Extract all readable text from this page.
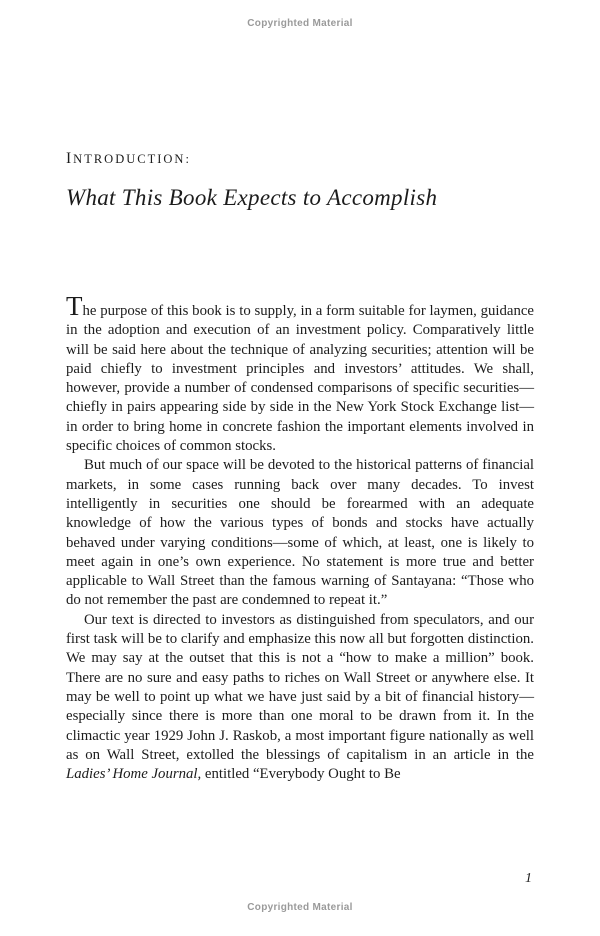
Copyrighted Material
INTRODUCTION:
What This Book Expects to Accomplish

The purpose of this book is to supply, in a form suitable for laymen, guidance in the adoption and execution of an investment policy. Comparatively little will be said here about the technique of analyzing securities; attention will be paid chiefly to investment principles and investors’ attitudes. We shall, however, provide a number of condensed comparisons of specific securities—chiefly in pairs appearing side by side in the New York Stock Exchange list—in order to bring home in concrete fashion the important elements involved in specific choices of common stocks.

But much of our space will be devoted to the historical patterns of financial markets, in some cases running back over many decades. To invest intelligently in securities one should be forearmed with an adequate knowledge of how the various types of bonds and stocks have actually behaved under varying conditions—some of which, at least, one is likely to meet again in one’s own experience. No statement is more true and better applicable to Wall Street than the famous warning of Santayana: “Those who do not remember the past are condemned to repeat it.”

Our text is directed to investors as distinguished from speculators, and our first task will be to clarify and emphasize this now all but forgotten distinction. We may say at the outset that this is not a “how to make a million” book. There are no sure and easy paths to riches on Wall Street or anywhere else. It may be well to point up what we have just said by a bit of financial history—especially since there is more than one moral to be drawn from it. In the climactic year 1929 John J. Raskob, a most important figure nationally as well as on Wall Street, extolled the blessings of capitalism in an article in the Ladies’ Home Journal, entitled “Everybody Ought to Be

1
Copyrighted Material
